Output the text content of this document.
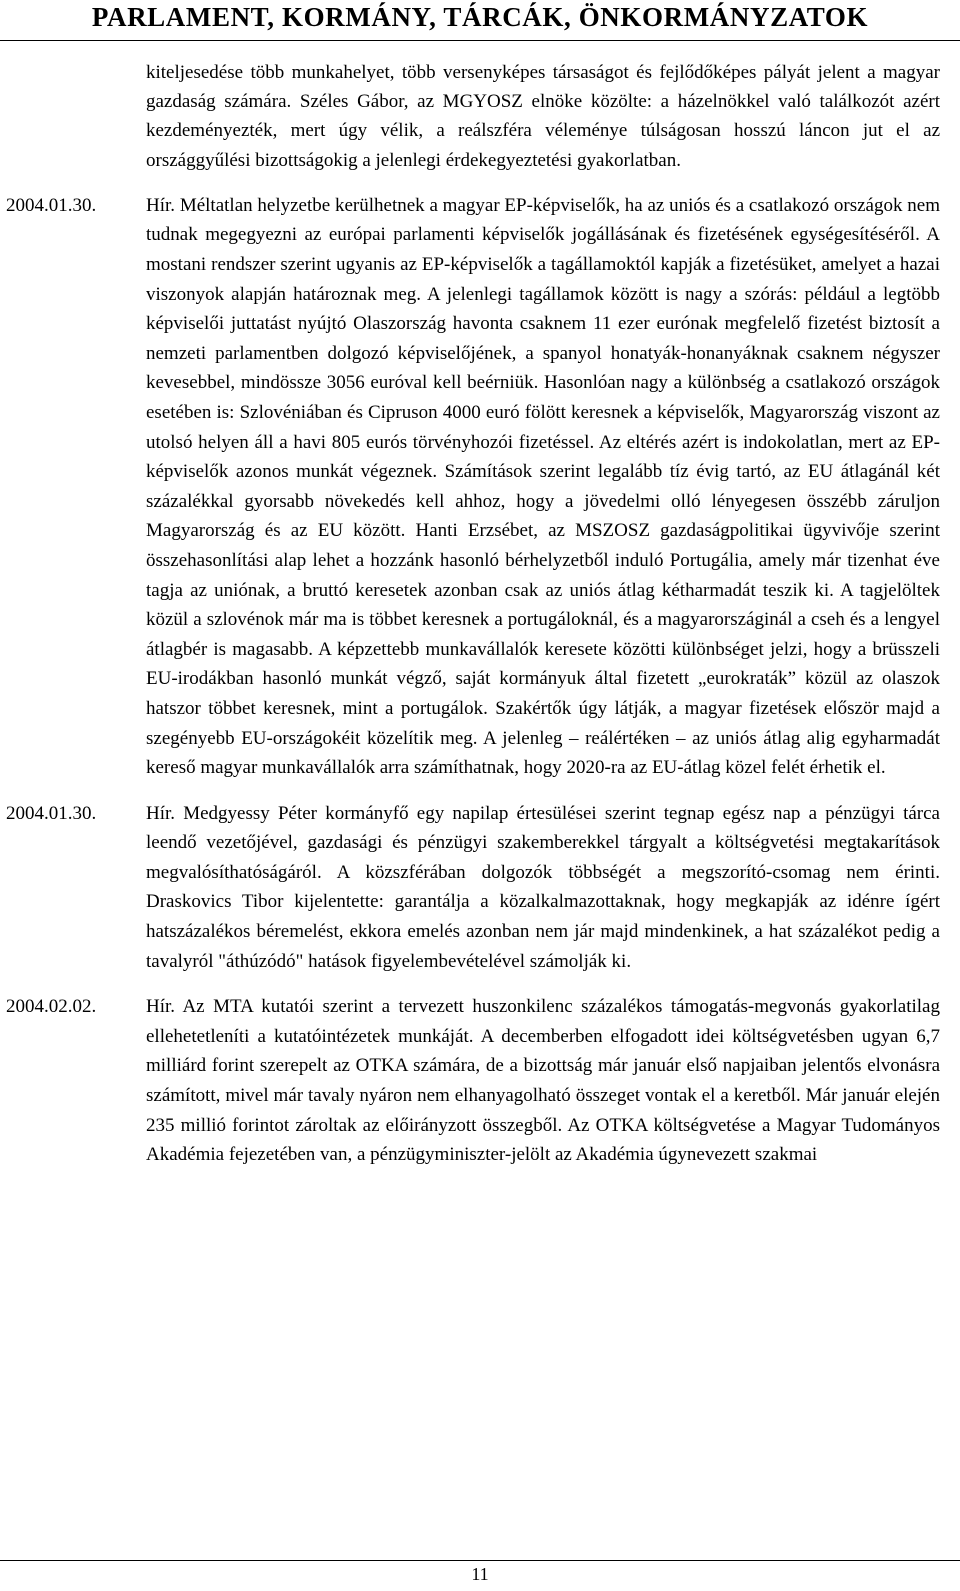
PARLAMENT, KORMÁNY, TÁRCÁK, ÖNKORMÁNYZATOK
kiteljesedése több munkahelyet, több versenyképes társaságot és fejlődőképes pályát jelent a magyar gazdaság számára. Széles Gábor, az MGYOSZ elnöke közölte: a házelnökkel való találkozót azért kezdeményezték, mert úgy vélik, a reálszféra véleménye túlságosan hosszú láncon jut el az országgyűlési bizottságokig a jelenlegi érdekegyeztetési gyakorlatban.
2004.01.30.	Hír. Méltatlan helyzetbe kerülhetnek a magyar EP-képviselők, ha az uniós és a csatlakozó országok nem tudnak megegyezni az európai parlamenti képviselők jogállásának és fizetésének egységesítéséről. A mostani rendszer szerint ugyanis az EP-képviselők a tagállamoktól kapják a fizetésüket, amelyet a hazai viszonyok alapján határoznak meg. A jelenlegi tagállamok között is nagy a szórás: például a legtöbb képviselői juttatást nyújtó Olaszország havonta csaknem 11 ezer eurónak megfelelő fizetést biztosít a nemzeti parlamentben dolgozó képviselőjének, a spanyol honatyák-honanyáknak csaknem négyszer kevesebbel, mindössze 3056 euróval kell beérniük. Hasonlóan nagy a különbség a csatlakozó országok esetében is: Szlovéniában és Cipruson 4000 euró fölött keresnek a képviselők, Magyarország viszont az utolsó helyen áll a havi 805 eurós törvényhozói fizetéssel. Az eltérés azért is indokolatlan, mert az EP-képviselők azonos munkát végeznek. Számítások szerint legalább tíz évig tartó, az EU átlagánál két százalékkal gyorsabb növekedés kell ahhoz, hogy a jövedelmi olló lényegesen összébb záruljon Magyarország és az EU között. Hanti Erzsébet, az MSZOSZ gazdaságpolitikai ügyvivője szerint összehasonlítási alap lehet a hozzánk hasonló bérhelyzetből induló Portugália, amely már tizenhat éve tagja az uniónak, a bruttó keresetek azonban csak az uniós átlag kétharmadát teszik ki. A tagjelöltek közül a szlovénok már ma is többet keresnek a portugáloknál, és a magyarországinál a cseh és a lengyel átlagbér is magasabb. A képzettebb munkavállalók keresete közötti különbséget jelzi, hogy a brüsszeli EU-irodákban hasonló munkát végző, saját kormányuk által fizetett „eurokraták” közül az olaszok hatszor többet keresnek, mint a portugálok. Szakértők úgy látják, a magyar fizetések először majd a szegényebb EU-országokéit közelítik meg. A jelenleg – reálértéken – az uniós átlag alig egyharmadát kereső magyar munkavállalók arra számíthatnak, hogy 2020-ra az EU-átlag közel felét érhetik el.
2004.01.30.	Hír. Medgyessy Péter kormányfő egy napilap értesülései szerint tegnap egész nap a pénzügyi tárca leendő vezetőjével, gazdasági és pénzügyi szakemberekkel tárgyalt a költségvetési megtakarítások megvalósíthatóságáról. A közszférában dolgozók többségét a megszorító-csomag nem érinti. Draskovics Tibor kijelentette: garantálja a közalkalmazottaknak, hogy megkapják az idénre ígért hatszázalékos béremelést, ekkora emelés azonban nem jár majd mindenkinek, a hat százalékot pedig a tavalyról "áthúzódó" hatások figyelembevételével számolják ki.
2004.02.02.	Hír. Az MTA kutatói szerint a tervezett huszonkilenc százalékos támogatás-megvonás gyakorlatilag ellehetetleníti a kutatóintézetek munkáját. A decemberben elfogadott idei költségvetésben ugyan 6,7 milliárd forint szerepelt az OTKA számára, de a bizottság már január első napjaiban jelentős elvonásra számított, mivel már tavaly nyáron nem elhanyagolható összeget vontak el a keretből. Már január elején 235 millió forintot zároltak az előirányzott összegből. Az OTKA költségvetése a Magyar Tudományos Akadémia fejezetében van, a pénzügyminiszter-jelölt az Akadémia úgynevezett szakmai
11
